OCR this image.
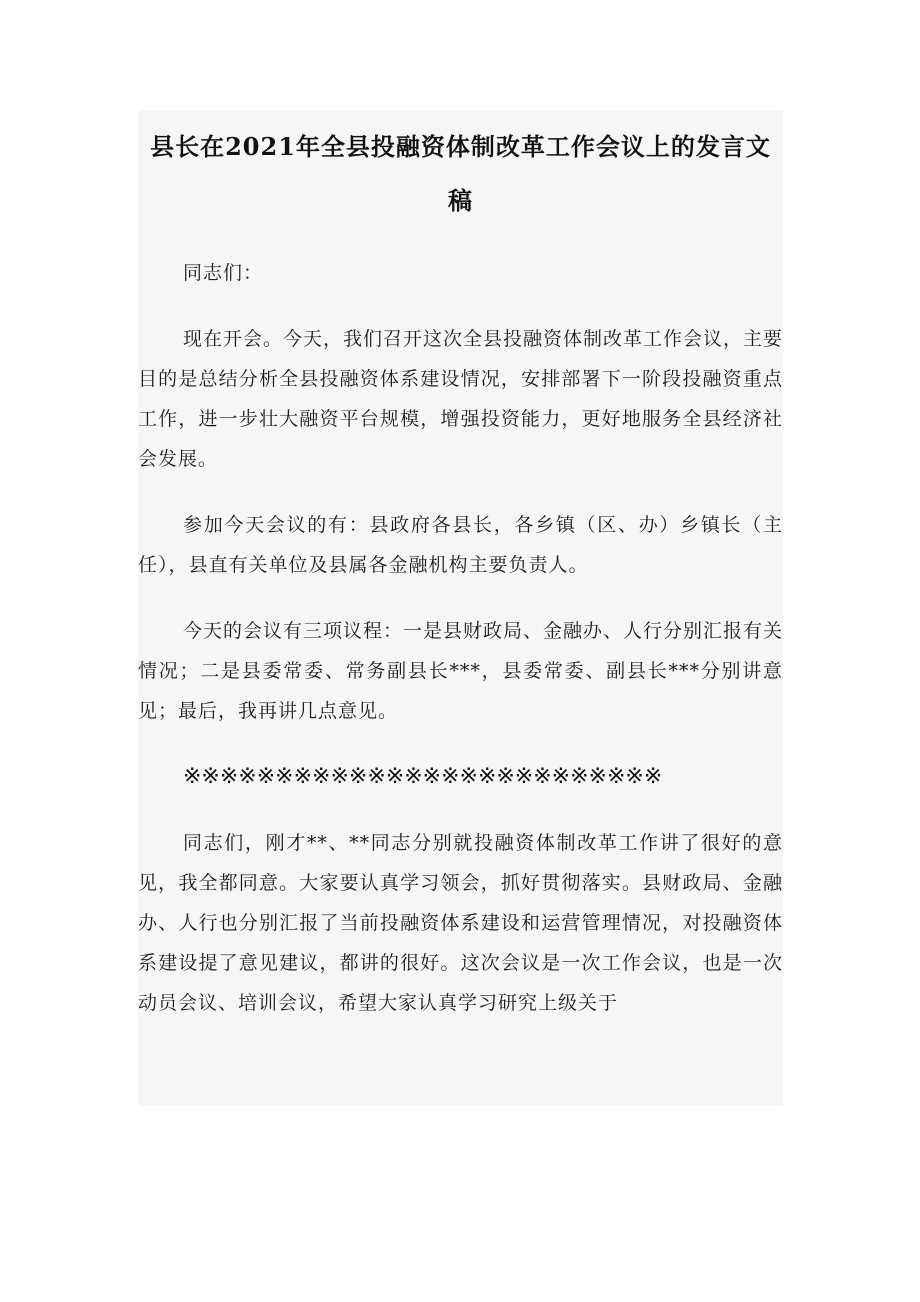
县长在2021年全县投融资体制改革工作会议上的发言文稿

同志们：

现在开会。今天，我们召开这次全县投融资体制改革工作会议，主要目的是总结分析全县投融资体系建设情况，安排部署下一阶段投融资重点工作，进一步壮大融资平台规模，增强投资能力，更好地服务全县经济社会发展。

参加今天会议的有：县政府各县长，各乡镇（区、办）乡镇长（主任），县直有关单位及县属各金融机构主要负责人。

今天的会议有三项议程：一是县财政局、金融办、人行分别汇报有关情况；二是县委常委、常务副县长***，县委常委、副县长***分别讲意见；最后，我再讲几点意见。

※※※※※※※※※※※※※※※※※※※※※※※※※※

同志们，刚才**、**同志分别就投融资体制改革工作讲了很好的意见，我全都同意。大家要认真学习领会，抓好贯彻落实。县财政局、金融办、人行也分别汇报了当前投融资体系建设和运营管理情况，对投融资体系建设提了意见建议，都讲的很好。这次会议是一次工作会议，也是一次动员会议、培训会议，希望大家认真学习研究上级关于
